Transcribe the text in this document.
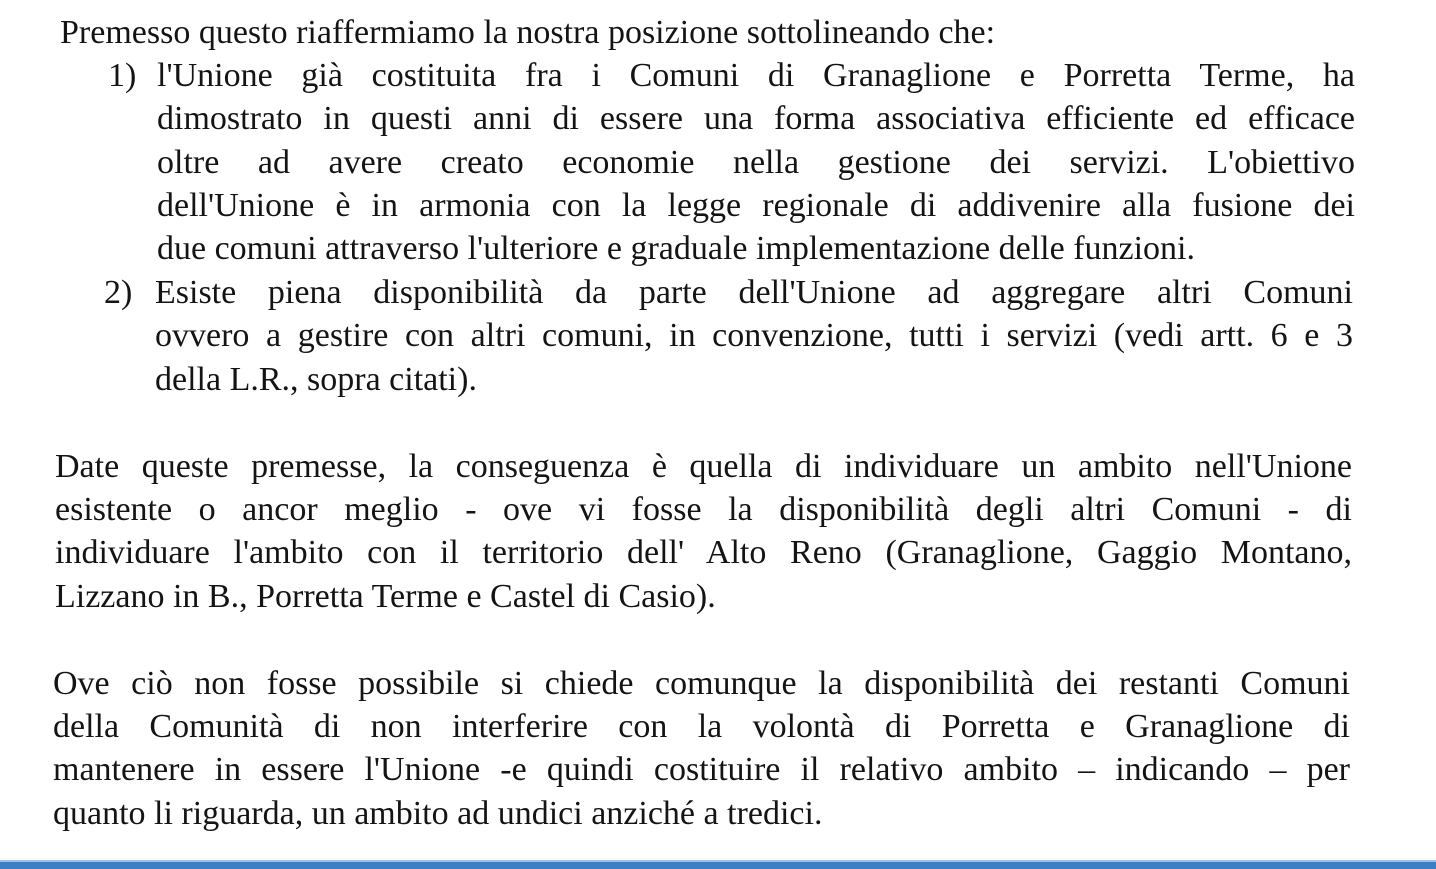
Premesso questo riaffermiamo la nostra posizione sottolineando che:
1) l'Unione già costituita fra i Comuni di Granaglione e Porretta Terme, ha
dimostrato in questi anni di essere una forma associativa efficiente ed efficace
oltre ad avere creato economie nella gestione dei servizi. L'obiettivo
dell'Unione è in armonia con la legge regionale di addivenire alla fusione dei
due comuni attraverso l'ulteriore e graduale implementazione delle funzioni.
2) Esiste piena disponibilità da parte dell'Unione ad aggregare altri Comuni
ovvero a gestire con altri comuni, in convenzione, tutti i servizi (vedi artt. 6 e 3
della L.R., sopra citati).
Date queste premesse, la conseguenza è quella di individuare un ambito nell'Unione
esistente o ancor meglio - ove vi fosse la disponibilità degli altri Comuni - di
individuare l'ambito con il territorio dell' Alto Reno (Granaglione, Gaggio Montano,
Lizzano in B., Porretta Terme e Castel di Casio).
Ove ciò non fosse possibile si chiede comunque la disponibilità dei restanti Comuni
della Comunità di non interferire con la volontà di Porretta e Granaglione di
mantenere in essere l'Unione -e quindi costituire il relativo ambito – indicando – per
quanto li riguarda, un ambito ad undici anziché a tredici.
